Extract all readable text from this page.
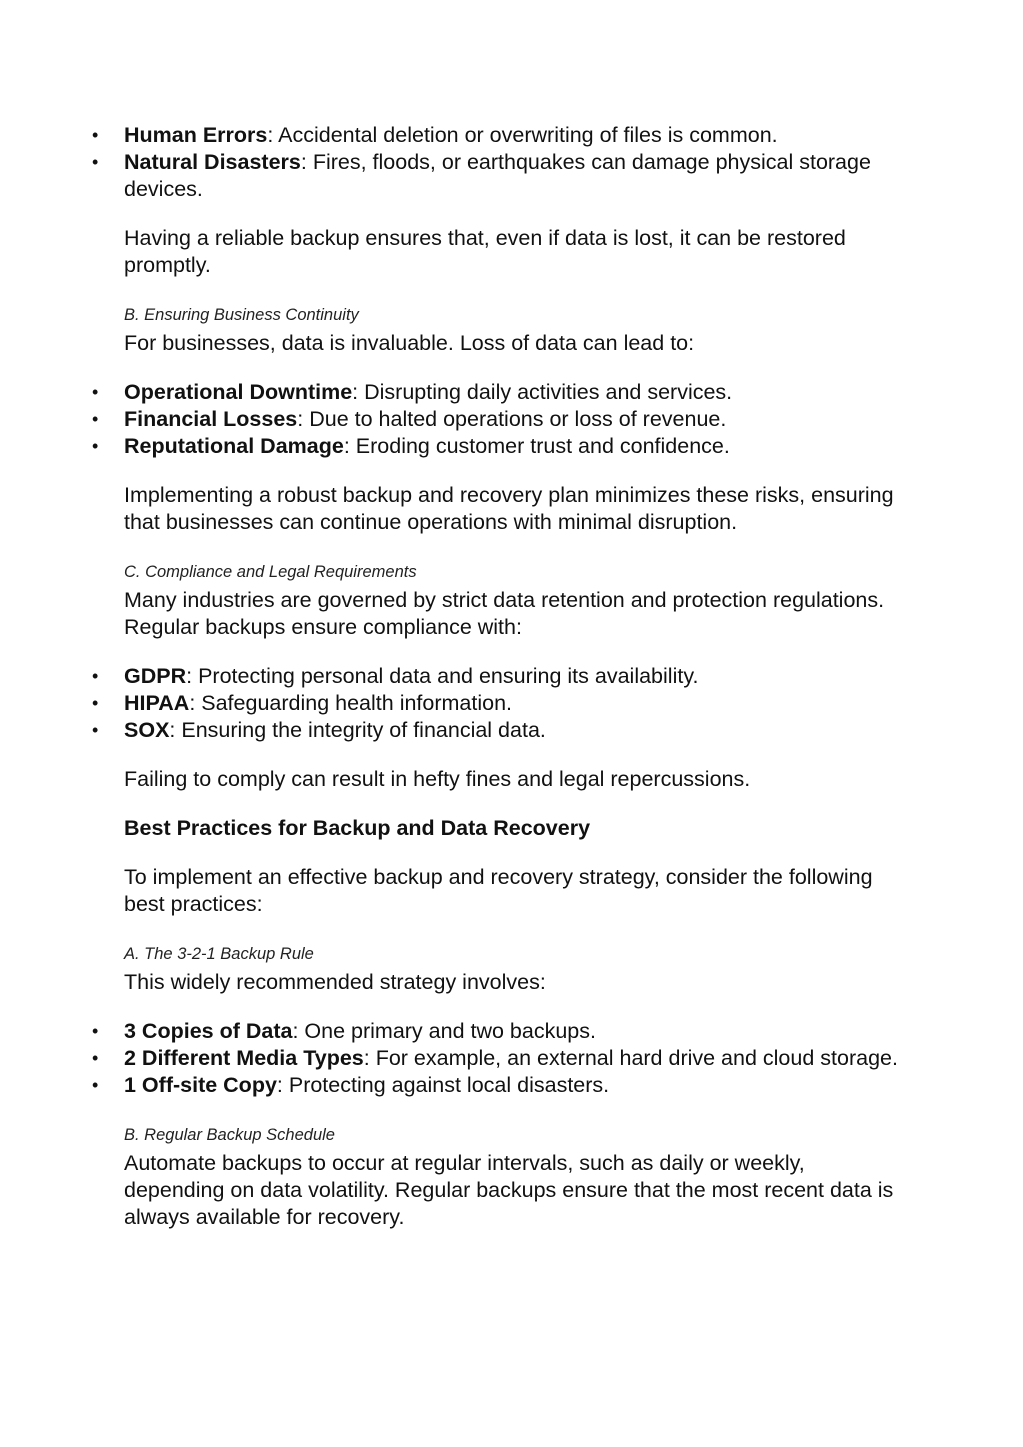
• Human Errors: Accidental deletion or overwriting of files is common.
• Natural Disasters: Fires, floods, or earthquakes can damage physical storage devices.

Having a reliable backup ensures that, even if data is lost, it can be restored promptly.

B. Ensuring Business Continuity

For businesses, data is invaluable. Loss of data can lead to:

• Operational Downtime: Disrupting daily activities and services.
• Financial Losses: Due to halted operations or loss of revenue.
• Reputational Damage: Eroding customer trust and confidence.

Implementing a robust backup and recovery plan minimizes these risks, ensuring that businesses can continue operations with minimal disruption.

C. Compliance and Legal Requirements

Many industries are governed by strict data retention and protection regulations. Regular backups ensure compliance with:

• GDPR: Protecting personal data and ensuring its availability.
• HIPAA: Safeguarding health information.
• SOX: Ensuring the integrity of financial data.

Failing to comply can result in hefty fines and legal repercussions.

Best Practices for Backup and Data Recovery

To implement an effective backup and recovery strategy, consider the following best practices:

A. The 3-2-1 Backup Rule

This widely recommended strategy involves:

• 3 Copies of Data: One primary and two backups.
• 2 Different Media Types: For example, an external hard drive and cloud storage.
• 1 Off-site Copy: Protecting against local disasters.

B. Regular Backup Schedule

Automate backups to occur at regular intervals, such as daily or weekly, depending on data volatility. Regular backups ensure that the most recent data is always available for recovery.
